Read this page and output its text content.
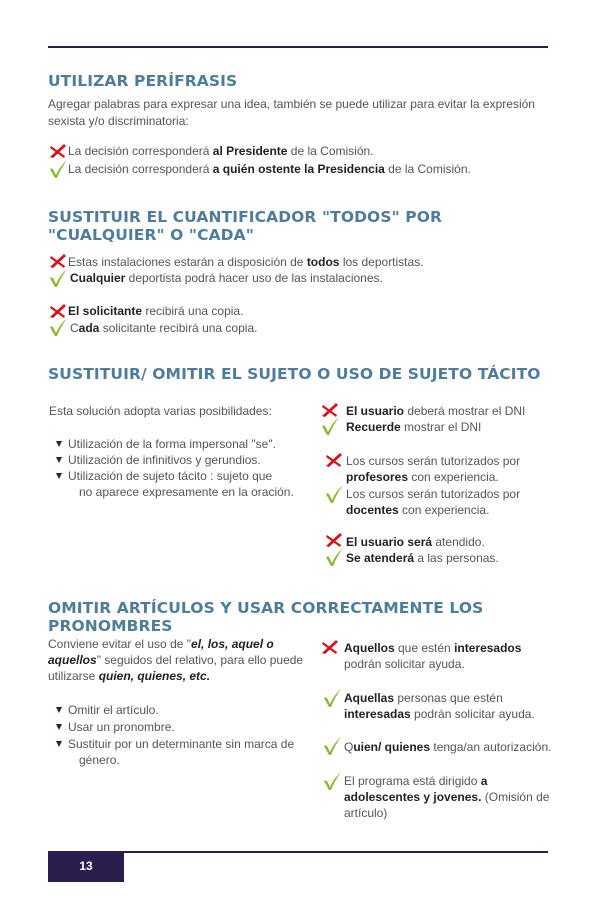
UTILIZAR PERÍFRASIS
Agregar palabras para expresar una idea, también se puede utilizar para evitar la expresión sexista y/o discriminatoria:
La decisión corresponderá al Presidente de la Comisión.
La decisión corresponderá a quién ostente la Presidencia de la Comisión.
SUSTITUIR EL CUANTIFICADOR "TODOS" POR "CUALQUIER" O "CADA"
Estas instalaciones estarán a disposición de todos los deportistas.
Cualquier deportista podrá hacer uso de las instalaciones.
El solicitante recibirá una copia.
Cada solicitante recibirá una copia.
SUSTITUIR/ OMITIR EL SUJETO O USO DE SUJETO TÁCITO
Esta solución adopta varias posibilidades:
Utilización de la forma impersonal "se".
Utilización de infinitivos y gerundios.
Utilización de sujeto tácito : sujeto que
no aparece expresamente en la oración.
El usuario deberá mostrar el DNI
Recuerde mostrar el DNI
Los cursos serán tutorizados por
profesores con experiencia.
Los cursos serán tutorizados por
docentes con experiencia.
El usuario será atendido.
Se atenderá a las personas.
OMITIR ARTÍCULOS Y USAR CORRECTAMENTE LOS PRONOMBRES
Conviene evitar el uso de "el, los, aquel o
aquellos" seguidos del relativo, para ello puede
utilizarse quien, quienes, etc.
Omitir el artículo.
Usar un pronombre.
Sustituir por un determinante sin marca de
género.
Aquellos que estén interesados
podrán solicitar ayuda.
Aquellas personas que estén
interesadas podrán solicitar ayuda.
Quien/ quienes tenga/an autorización.
El programa está dirigido a
adolescentes y jovenes. (Omisión de
artículo)
13
